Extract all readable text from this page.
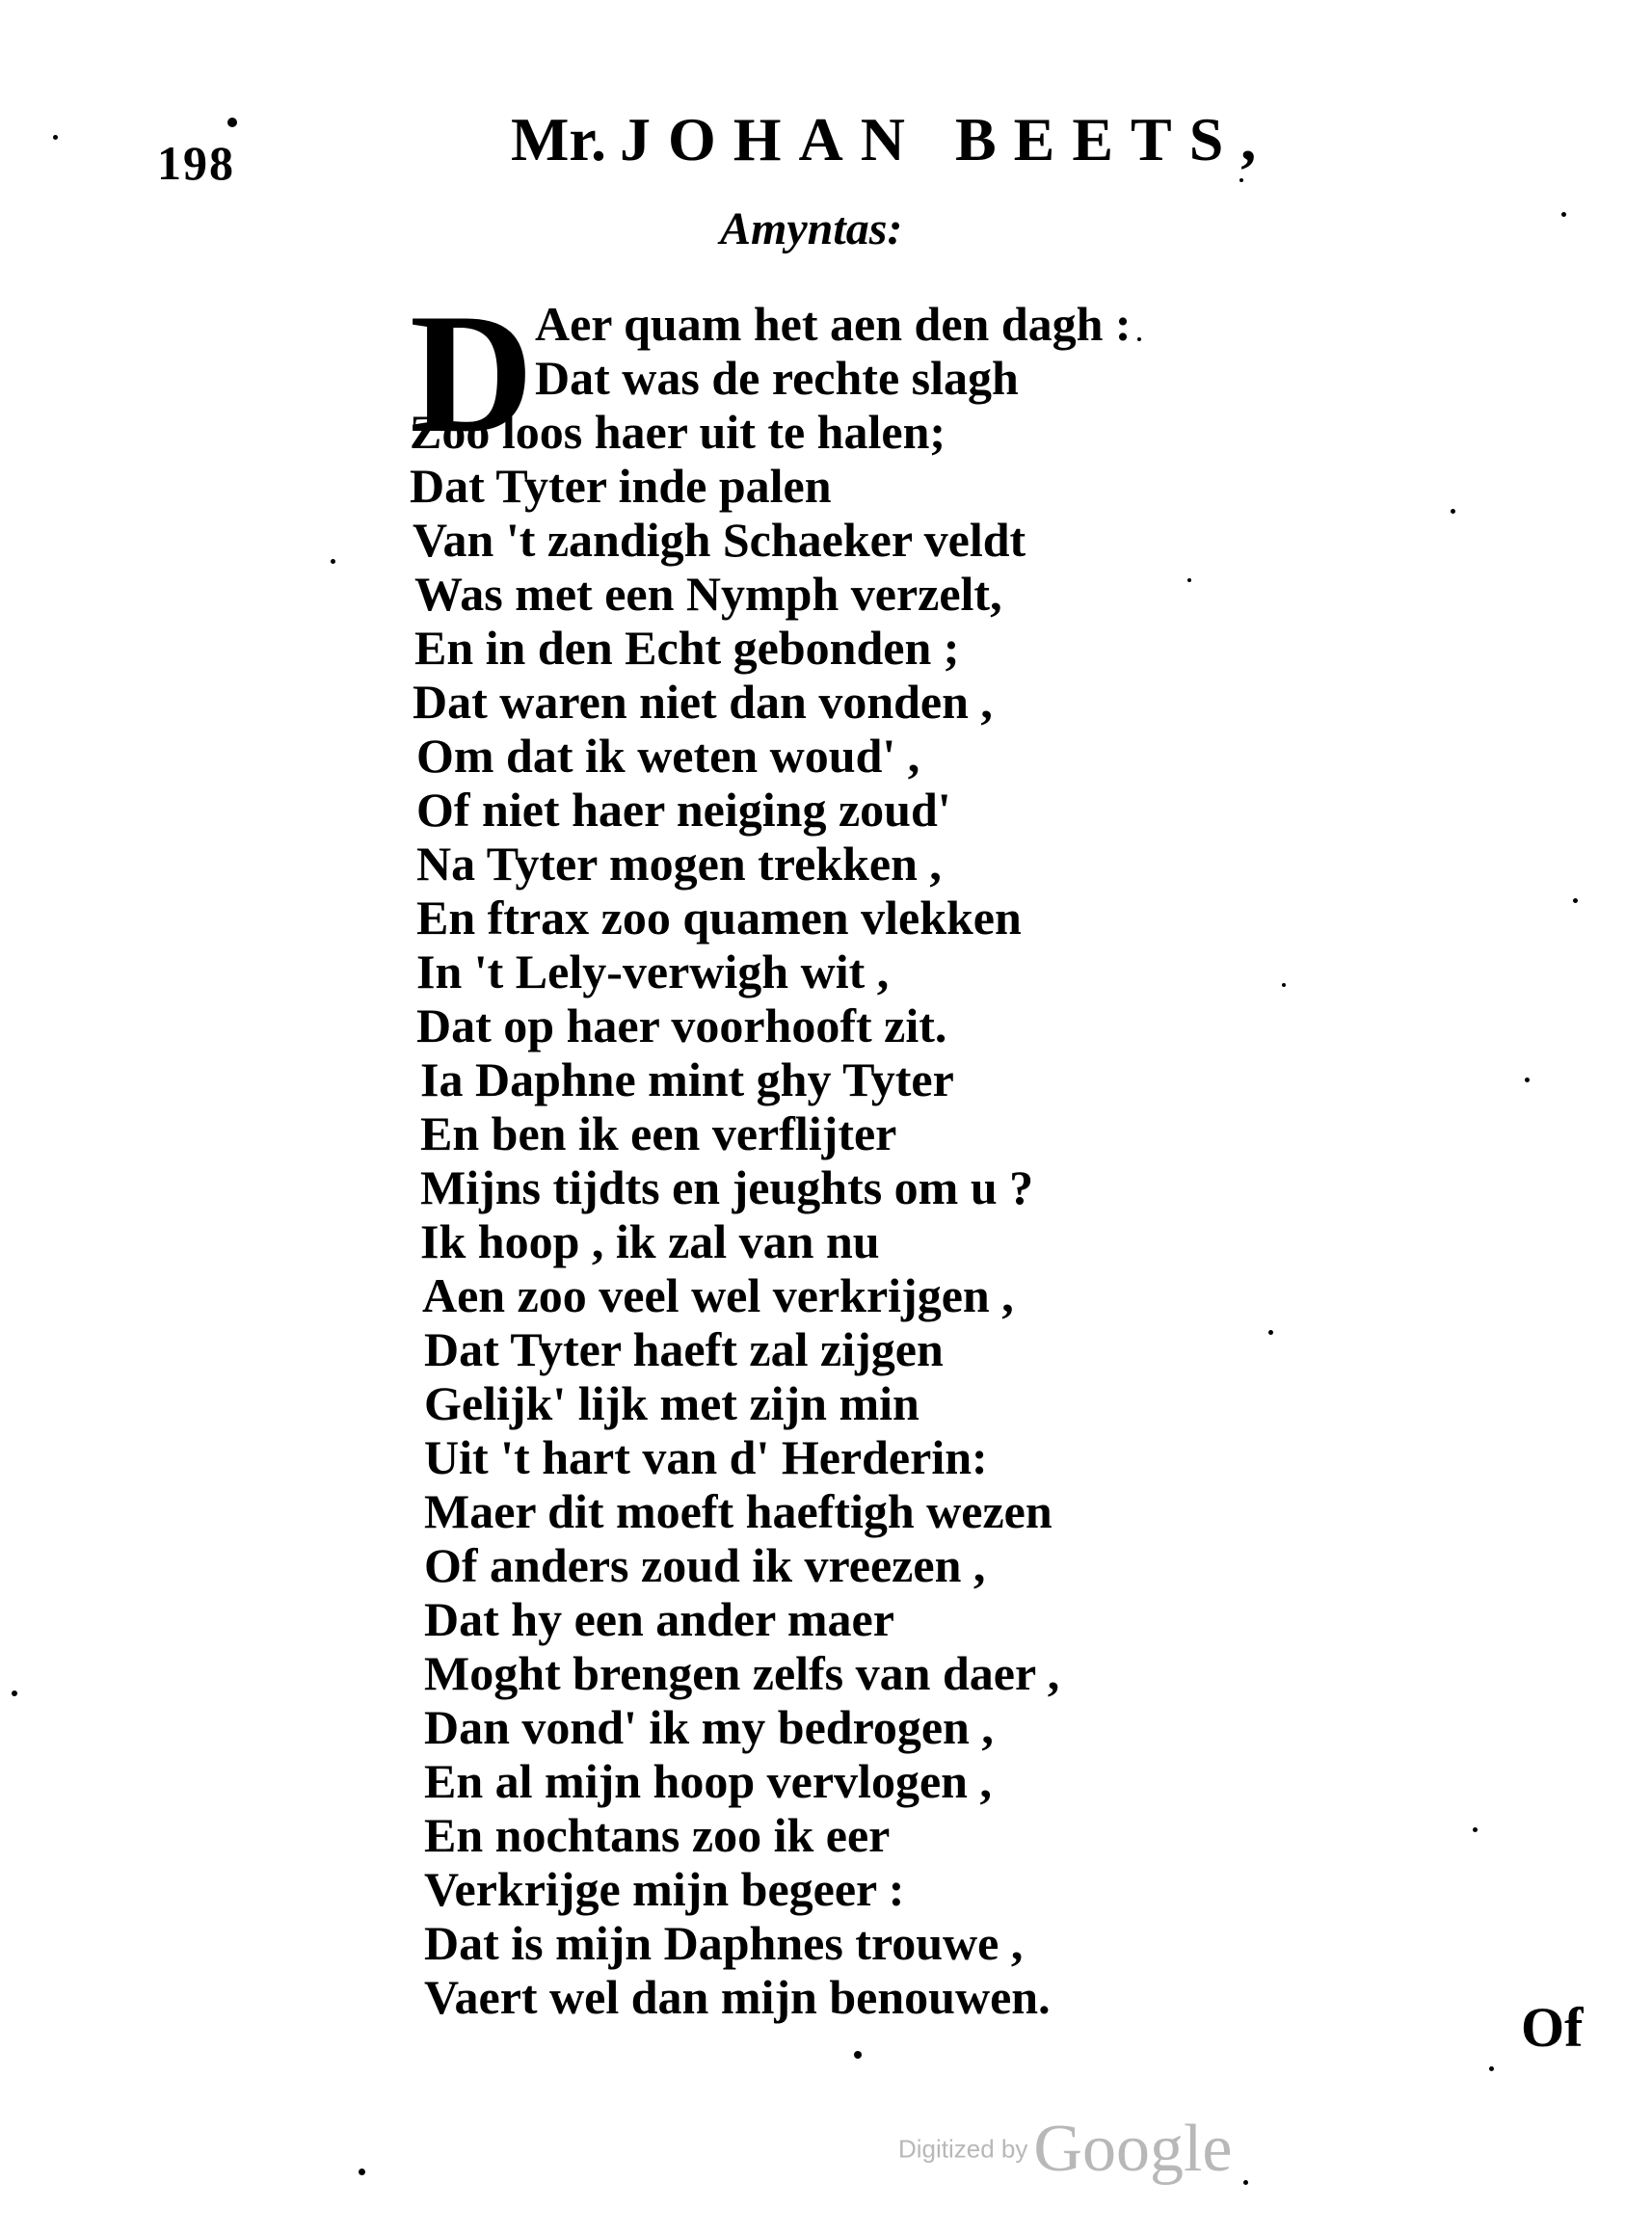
198	Mr. JOHAN BEETS,
Amyntas:
D Aer quam het aen den dagh :
Dat was de rechte slagh
Zoo loos haer uit te halen;
Dat Tyter inde palen
Van 't zandigh Schaeker veldt
Was met een Nymph verzelt,
En in den Echt gebonden ;
Dat waren niet dan vonden ,
Om dat ik weten woud' ,
Of niet haer neiging zoud'
Na Tyter mogen trekken ,
En ftrax zoo quamen vlekken
In 't Lely-verwigh wit ,
Dat op haer voorhooft zit.
Ia Daphne mint ghy Tyter
En ben ik een verflijter
Mijns tijdts en jeughts om u ?
Ik hoop , ik zal van nu
Aen zoo veel wel verkrijgen ,
Dat Tyter haeft zal zijgen
Gelijk' lijk met zijn min
Uit 't hart van d' Herderin:
Maer dit moeft haeftigh wezen
Of anders zoud ik vreezen ,
Dat hy een ander maer
Moght brengen zelfs van daer ,
Dan vond' ik my bedrogen ,
En al mijn hoop vervlogen ,
En nochtans zoo ik eer
Verkrijge mijn begeer :
Dat is mijn Daphnes trouwe ,
Vaert wel dan mijn benouwen.	Of
Digitized byGoogle
